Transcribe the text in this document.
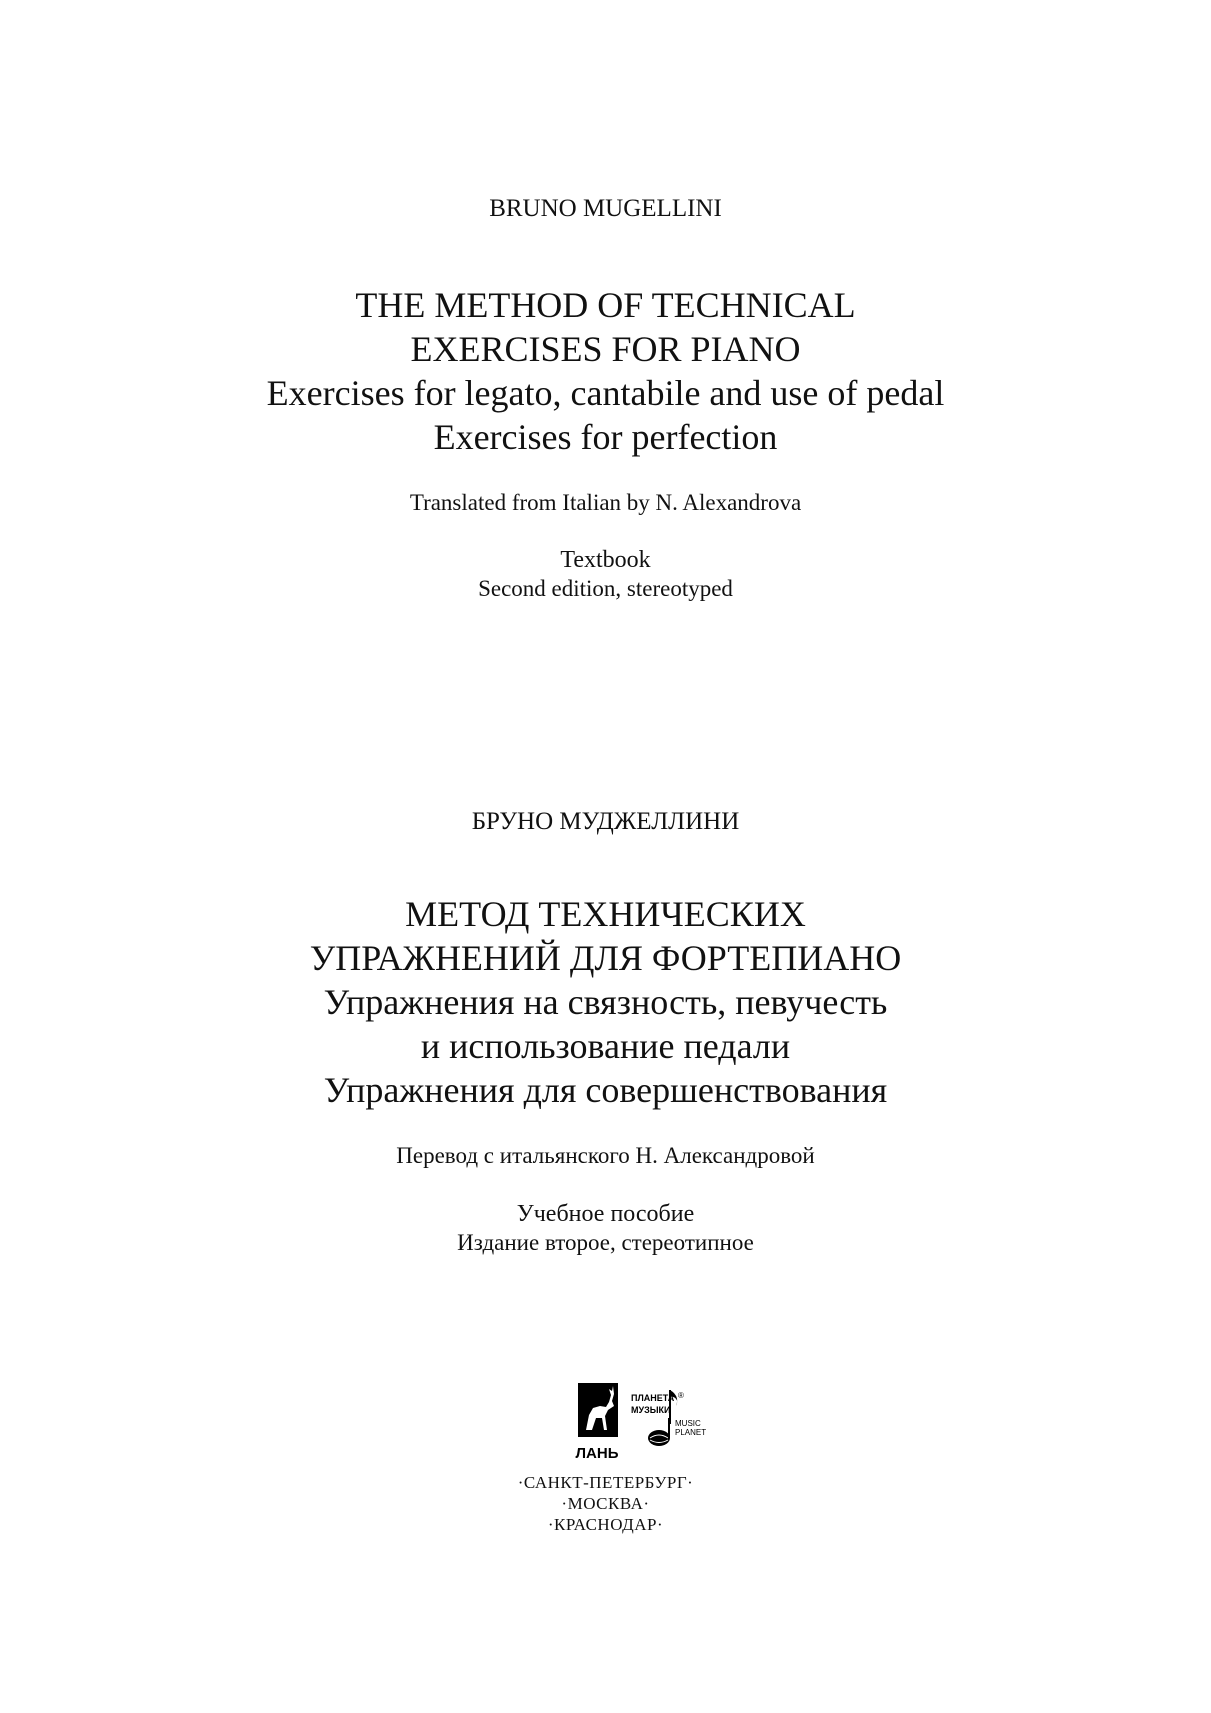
BRUNO MUGELLINI
THE METHOD OF TECHNICAL
EXERCISES FOR PIANO
Exercises for legato, cantabile and use of pedal
Exercises for perfection
Translated from Italian by N. Alexandrova
Textbook
Second edition, stereotyped
БРУНО МУДЖЕЛЛИНИ
МЕТОД ТЕХНИЧЕСКИХ
УПРАЖНЕНИЙ ДЛЯ ФОРТЕПИАНО
Упражнения на связность, певучесть
и использование педали
Упражнения для совершенствования
Перевод с итальянского Н. Александровой
Учебное пособие
Издание второе, стереотипное
ЛАНЬ
ПЛАНЕТА
МУЗЫКИ
®
MUSIC
PLANET
·САНКТ-ПЕТЕРБУРГ·
·МОСКВА·
·КРАСНОДАР·
